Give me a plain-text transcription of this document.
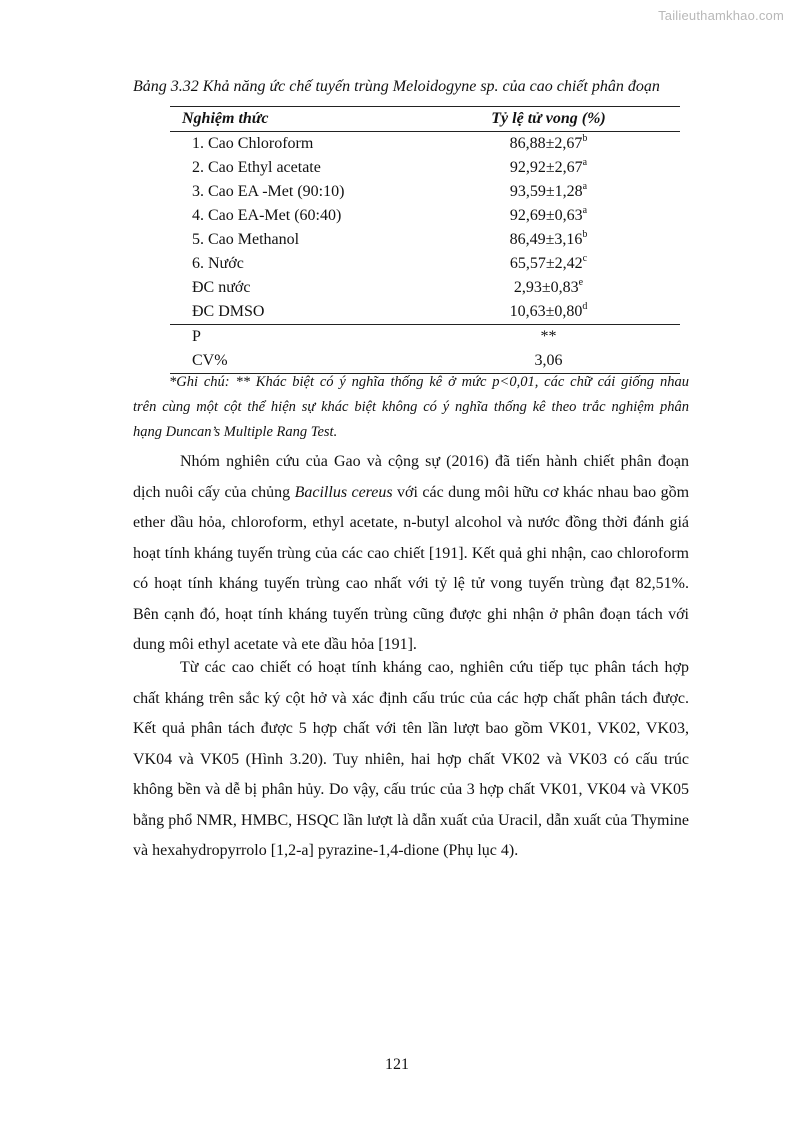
Tailieuthamkhao.com
Bảng 3.32 Khả năng ức chế tuyến trùng Meloidogyne sp. của cao chiết phân đoạn
Nghiệm thức	Tỷ lệ tử vong (%)
1. Cao Chloroform	86,88±2,67$^b$
2. Cao Ethyl acetate	92,92±2,67$^a$
3. Cao EA -Met (90:10)	93,59±1,28$^a$
4. Cao EA-Met (60:40)	92,69±0,63$^a$
5. Cao Methanol	86,49±3,16$^b$
6. Nước	65,57±2,42$^c$
ĐC nước	2,93±0,83$^e$
ĐC DMSO	10,63±0,80$^d$
P	**
CV%	3,06
*Ghi chú: ** Khác biệt có ý nghĩa thống kê ở mức p<0,01, các chữ cái giống nhau
trên cùng một cột thể hiện sự khác biệt không có ý nghĩa thống kê theo trắc nghiệm phân
hạng Duncan’s Multiple Rang Test.
Nhóm nghiên cứu của Gao và cộng sự (2016) đã tiến hành chiết phân đoạn
dịch nuôi cấy của chủng Bacillus cereus với các dung môi hữu cơ khác nhau bao gồm
ether dầu hỏa, chloroform, ethyl acetate, n-butyl alcohol và nước đồng thời đánh giá
hoạt tính kháng tuyến trùng của các cao chiết [191]. Kết quả ghi nhận, cao chloroform
có hoạt tính kháng tuyến trùng cao nhất với tỷ lệ tử vong tuyến trùng đạt 82,51%.
Bên cạnh đó, hoạt tính kháng tuyến trùng cũng được ghi nhận ở phân đoạn tách với
dung môi ethyl acetate và ete dầu hỏa [191].
Từ các cao chiết có hoạt tính kháng cao, nghiên cứu tiếp tục phân tách hợp
chất kháng trên sắc ký cột hở và xác định cấu trúc của các hợp chất phân tách được.
Kết quả phân tách được 5 hợp chất với tên lần lượt bao gồm VK01, VK02, VK03,
VK04 và VK05 (Hình 3.20). Tuy nhiên, hai hợp chất VK02 và VK03 có cấu trúc
không bền và dễ bị phân hủy. Do vậy, cấu trúc của 3 hợp chất VK01, VK04 và VK05
bằng phổ NMR, HMBC, HSQC lần lượt là dẫn xuất của Uracil, dẫn xuất của Thymine
và hexahydropyrrolo [1,2-a] pyrazine-1,4-dione (Phụ lục 4).
121
